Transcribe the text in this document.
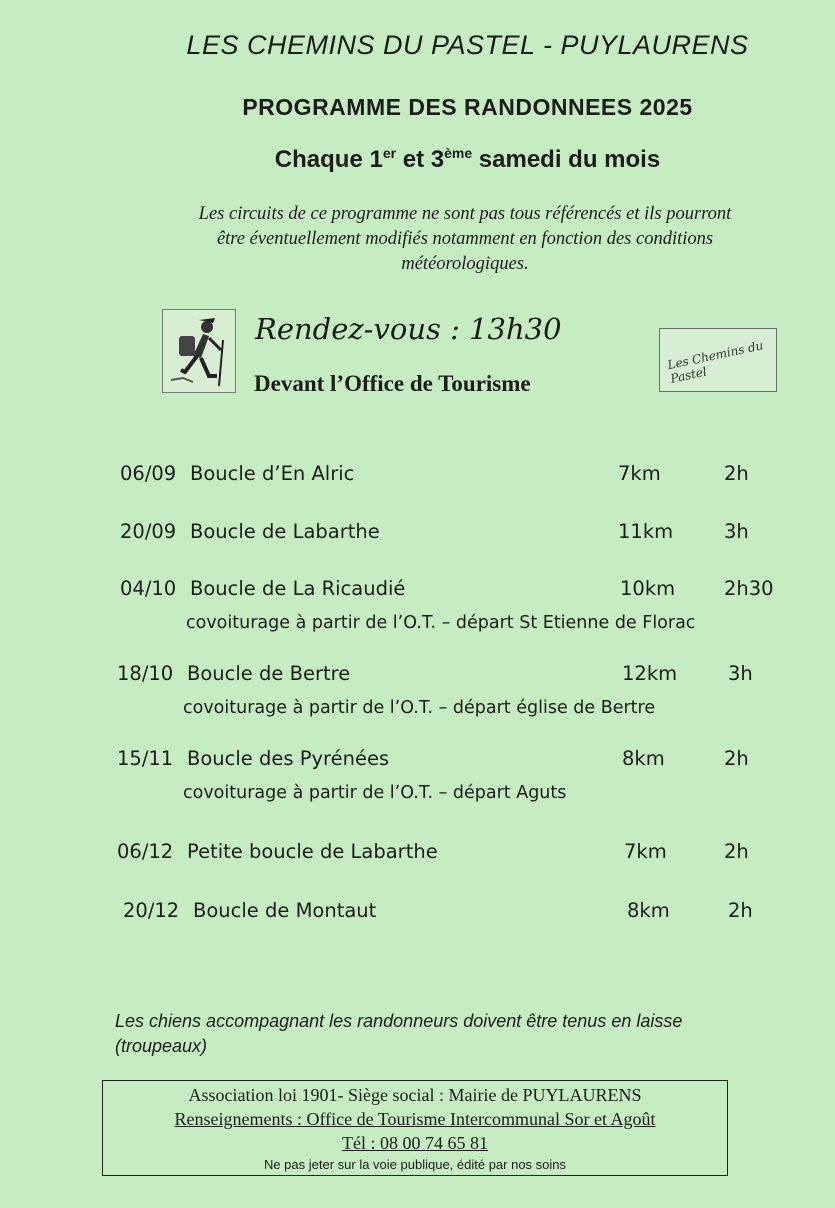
LES CHEMINS DU PASTEL - PUYLAURENS
PROGRAMME DES RANDONNEES 2025
Chaque 1er et 3ème samedi du mois
Les circuits de ce programme ne sont pas tous référencés et ils pourront
être éventuellement modifiés notamment en fonction des conditions
météorologiques.
Rendez-vous : 13h30
Devant l’Office de Tourisme
Les Chemins du Pastel
06/09 Boucle d’En Alric	7km	2h
20/09 Boucle de Labarthe	11km	3h
04/10 Boucle de La Ricaudié	10km	2h30
covoiturage à partir de l’O.T. – départ St Etienne de Florac
18/10 Boucle de Bertre	12km	3h
covoiturage à partir de l’O.T. – départ église de Bertre
15/11 Boucle des Pyrénées	8km	2h
covoiturage à partir de l’O.T. – départ Aguts
06/12 Petite boucle de Labarthe	7km	2h
20/12 Boucle de Montaut	8km	2h
Les chiens accompagnant les randonneurs doivent être tenus en laisse
(troupeaux)
Association loi 1901- Siège social : Mairie de PUYLAURENS
Renseignements : Office de Tourisme Intercommunal Sor et Agoût
Tél : 08 00 74 65 81
Ne pas jeter sur la voie publique, édité par nos soins
